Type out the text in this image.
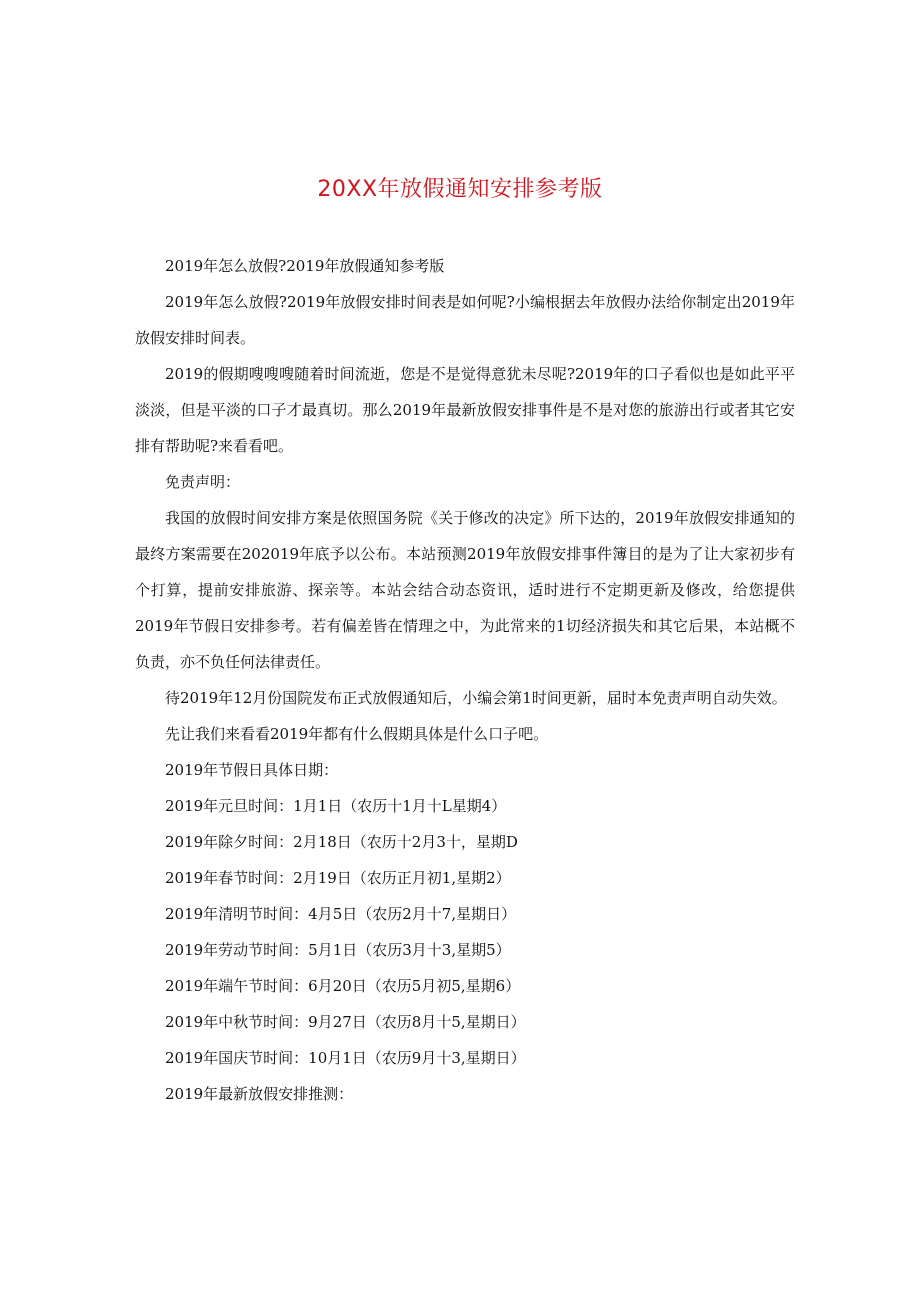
20XX年放假通知安排参考版

2019年怎么放假?2019年放假通知参考版

2019年怎么放假?2019年放假安排时间表是如何呢?小编根据去年放假办法给你制定出2019年放假安排时间表。

2019的假期嗖嗖嗖随着时间流逝，您是不是觉得意犹未尽呢?2019年的口子看似也是如此平平淡淡，但是平淡的口子才最真切。那么2019年最新放假安排事件是不是对您的旅游出行或者其它安排有帮助呢?来看看吧。

免责声明：

我国的放假时间安排方案是依照国务院《关于修改的决定》所下达的，2019年放假安排通知的最终方案需要在202019年底予以公布。本站预测2019年放假安排事件簿目的是为了让大家初步有个打算，提前安排旅游、探亲等。本站会结合动态资讯，适时进行不定期更新及修改，给您提供2019年节假日安排参考。若有偏差皆在情理之中，为此常来的1切经济损失和其它后果，本站概不负责，亦不负任何法律责任。

待2019年12月份国院发布正式放假通知后，小编会第1时间更新，届时本免责声明自动失效。

先让我们来看看2019年都有什么假期具体是什么口子吧。

2019年节假日具体日期：

2019年元旦时间：1月1日（农历十1月十L星期4）

2019年除夕时间：2月18日（农历十2月3十，星期D

2019年春节时间：2月19日（农历正月初1,星期2）

2019年清明节时间：4月5日（农历2月十7,星期日）

2019年劳动节时间：5月1日（农历3月十3,星期5）

2019年端午节时间：6月20日（农历5月初5,星期6）

2019年中秋节时间：9月27日（农历8月十5,星期日）

2019年国庆节时间：10月1日（农历9月十3,星期日）

2019年最新放假安排推测：
